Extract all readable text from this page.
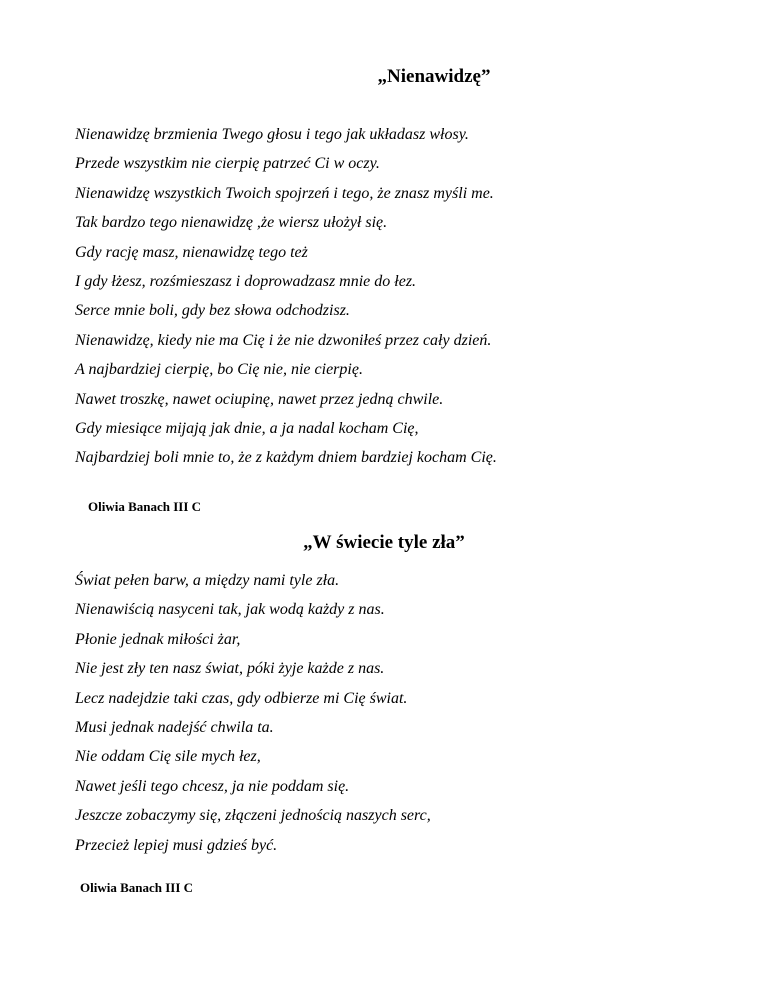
„Nienawidzę”
Nienawidzę brzmienia Twego głosu i tego jak układasz włosy.
Przede wszystkim nie cierpię patrzeć Ci w oczy.
Nienawidzę wszystkich Twoich spojrzeń i tego, że znasz myśli me.
Tak bardzo tego nienawidzę ,że wiersz ułożył się.
Gdy rację masz, nienawidzę tego też
I gdy łżesz, rozśmieszasz i doprowadzasz mnie do łez.
Serce mnie boli, gdy bez słowa odchodzisz.
Nienawidzę, kiedy nie ma Cię i że nie dzwoniłeś przez cały dzień.
A najbardziej cierpię, bo Cię nie, nie cierpię.
Nawet troszkę, nawet ociupinę, nawet przez jedną chwile.
Gdy miesiące mijają jak dnie, a ja nadal kocham Cię,
Najbardziej boli mnie to, że z każdym dniem bardziej kocham Cię.

Oliwia Banach III C

„W świecie tyle zła”
Świat pełen barw, a między nami tyle zła.
Nienawiścią nasyceni tak, jak wodą każdy z nas.
Płonie jednak miłości żar,
Nie jest zły ten nasz świat, póki żyje każde z nas.
Lecz nadejdzie taki czas, gdy odbierze mi Cię świat.
Musi jednak nadejść chwila ta.
Nie oddam Cię sile mych łez,
Nawet jeśli tego chcesz, ja nie poddam się.
Jeszcze zobaczymy się, złączeni jednością naszych serc,
Przecież lepiej musi gdzieś być.

Oliwia Banach III C
